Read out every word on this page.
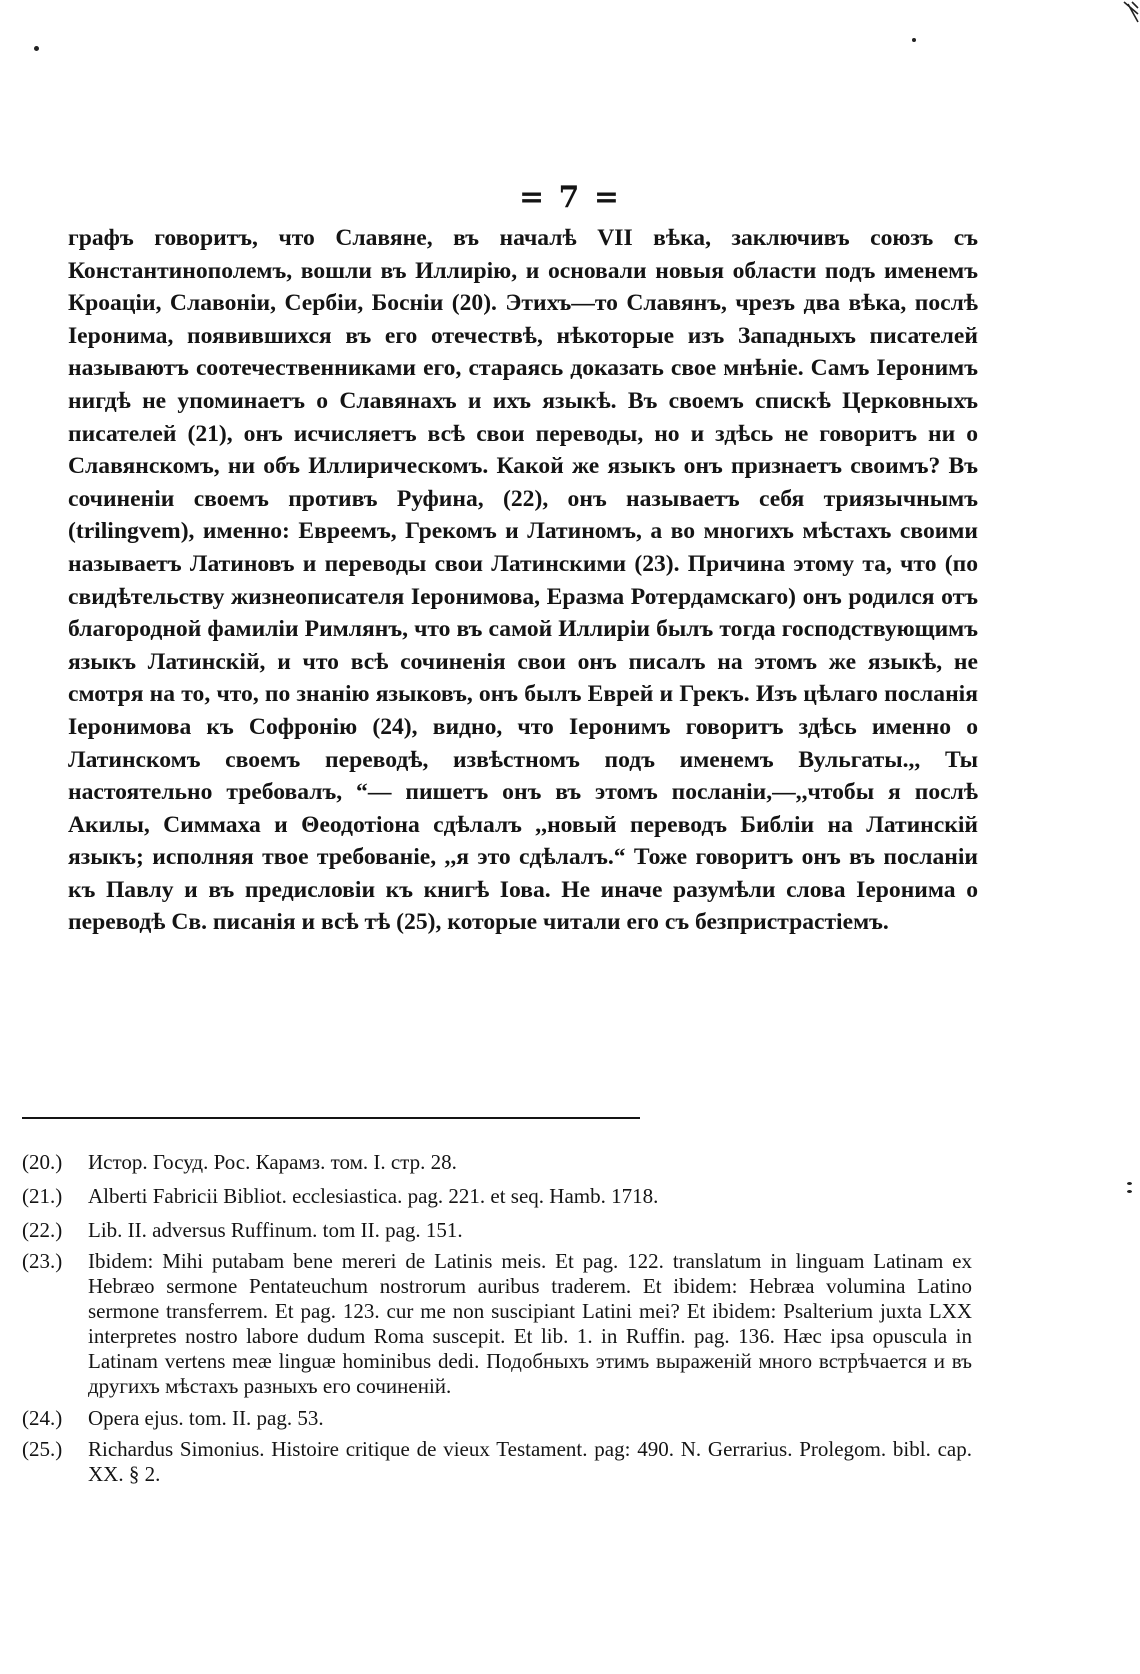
= 7 =

графъ говоритъ, что Славяне, въ началѣ VII вѣка, заключивъ союзъ съ Константинополемъ, вошли въ Иллирію, и основали новыя области подъ именемъ Кроаціи, Славоніи, Сербіи, Босніи (20). Этихъ—то Славянъ, чрезъ два вѣка, послѣ Іеронима, появившихся въ его отечествѣ, нѣкоторые изъ Западныхъ писателей называютъ соотечественниками его, стараясь доказать свое мнѣніе. Самъ Іеронимъ нигдѣ не упоминаетъ о Славянахъ и ихъ языкѣ. Въ своемъ спискѣ Церковныхъ писателей (21), онъ исчисляетъ всѣ свои переводы, но и здѣсь не говоритъ ни о Славянскомъ, ни объ Иллирическомъ. Какой же языкъ онъ признаетъ своимъ? Въ сочиненіи своемъ противъ Руфина, (22), онъ называетъ себя триязычнымъ (trilingvem), именно: Евреемъ, Грекомъ и Латиномъ, а во многихъ мѣстахъ своими называетъ Латиновъ и переводы свои Латинскими (23). Причина этому та, что (по свидѣтельству жизнеописателя Іеронимова, Еразма Ротердамскаго) онъ родился отъ благородной фамиліи Римлянъ, что въ самой Иллиріи былъ тогда господствующимъ языкъ Латинскій, и что всѣ сочиненія свои онъ писалъ на этомъ же языкѣ, не смотря на то, что, по знанію языковъ, онъ былъ Еврей и Грекъ. Изъ цѣлаго посланія Іеронимова къ Софронію (24), видно, что Іеронимъ говоритъ здѣсь именно о Латинскомъ своемъ переводѣ, извѣстномъ подъ именемъ Вульгаты.,, Ты настоятельно требовалъ, “— пишетъ онъ въ этомъ посланіи,—,,чтобы я послѣ Акилы, Симмаха и Θеодотіона сдѣлалъ ,,новый переводъ Библіи на Латинскій языкъ; исполняя твое требованіе, ,,я это сдѣлалъ.“ Тоже говоритъ онъ въ посланіи къ Павлу и въ предисловіи къ книгѣ Іова. Не иначе разумѣли слова Іеронима о переводѣ Св. писанія и всѣ тѣ (25), которые читали его съ безпристрастіемъ.

(20.)	Истор. Госуд. Рос. Карамз. том. I. стр. 28.
(21.)	Alberti Fabricii Bibliot. ecclesiastica. pag. 221. et seq. Hamb. 1718.
(22.)	Lib. II. adversus Ruffinum. tom II. pag. 151.
(23.)	Ibidem: Mihi putabam bene mereri de Latinis meis. Et pag. 122. translatum in linguam Latinam ex Hebræo sermone Pentateuchum nostrorum auribus traderem. Et ibidem: Hebræa volumina Latino sermone transferrem. Et pag. 123. cur me non suscipiant Latini mei? Et ibidem: Psalterium juxta LXX interpretes nostro labore dudum Roma suscepit. Et lib. 1. in Ruffin. pag. 136. Hæc ipsa opuscula in Latinam vertens meæ linguæ hominibus dedi. Подобныхъ этимъ выраженій много встрѣчается и въ другихъ мѣстахъ разныхъ его сочиненій.
(24.)	Opera ejus. tom. II. pag. 53.
(25.)	Richardus Simonius. Histoire critique de vieux Testament. pag: 490. N. Gerrarius. Prolegom. bibl. cap. XX. § 2.
